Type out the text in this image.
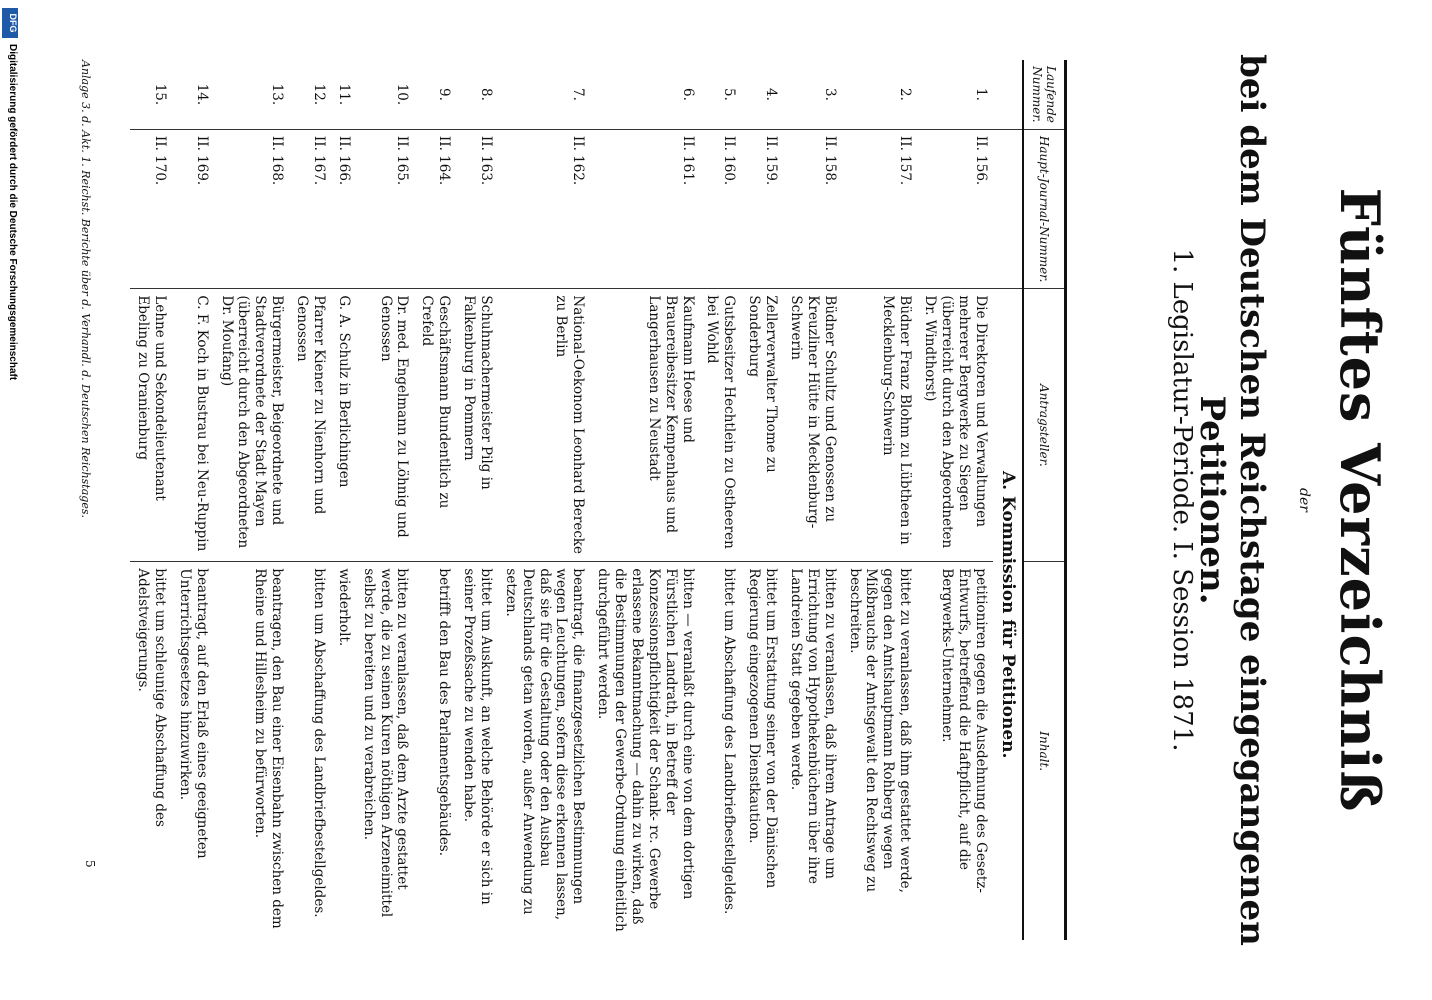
Fünftes Verzeichniß
der
bei dem Deutschen Reichstage eingegangenen Petitionen.
1. Legislatur-Periode. I. Session 1871.
Laufende Nummer.	Haupt-Journal-Nummer.	Antragsteller.	Inhalt.
		A. Kommission für Petitionen.	
1.	II. 156.	Die Direktoren und Verwaltungen mehrerer Bergwerke zu Siegen (überreicht durch den Abgeordneten Dr. Windthorst)	petitioniren gegen die Ausdehnung des Gesetz-Entwurfs, betreffend die Haftpflicht, auf die Bergwerks-Unternehmer.
2.	II. 157.	Büdner Franz Blohm zu Lübtheen in Mecklenburg-Schwerin	bittet zu veranlassen, daß ihm gestattet werde, gegen den Amtshauptmann Rohberg wegen Mißbrauchs der Amtsgewalt den Rechtsweg zu beschreiten.
3.	II. 158.	Büdner Schultz und Genossen zu Kreuzliner Hütte in Mecklenburg-Schwerin	bitten zu veranlassen, daß ihrem Antrage um Errichtung von Hypothekenbüchern über ihre Landreien Statt gegeben werde.
4.	II. 159.	Zellerverwalter Thome zu Sonderburg	bittet um Erstattung seiner von der Dänischen Regierung eingezogenen Dienstkaution.
5.	II. 160.	Gutsbesitzer Hechtlein zu Ostheeren bei Wohld	bittet um Abschaffung des Landbriefbestellgeldes.
6.	II. 161.	Kaufmann Hoese und Brauereibesitzer Kempenhaus und Langerhausen zu Neustadt	bitten — veranlaßt durch eine von dem dortigen Fürstlichen Landrath, in Betreff der Konzessionspflichtigkeit der Schank- rc. Gewerbe erlassene Bekanntmachung — dahin zu wirken, daß die Bestimmungen der Gewerbe-Ordnung einheitlich durchgeführt werden.
7.	II. 162.	National-Oekonom Leonhard Berecke zu Berlin	beantragt, die finanzgesetzlichen Bestimmungen wegen Leuchtungen, sofern diese erkennen lassen, daß sie für die Gestaltung oder den Ausbau Deutschlands getan worden, außer Anwendung zu setzen.
8.	II. 163.	Schuhmachermeister Pilg in Falkenburg in Pommern	bittet um Auskunft, an welche Behörde er sich in seiner Prozeßsache zu wenden habe.
9.	II. 164.	Geschäftsmann Bundentlich zu Crefeld	betrifft den Bau des Parlamentsgebäudes.
10.	II. 165.	Dr. med. Engelmann zu Löhnig und Genossen	bitten zu veranlassen, daß dem Arzte gestattet werde, die zu seinen Kuren nöthigen Arzeneimittel selbst zu bereiten und zu verabreichen.
11.	II. 166.	G. A. Schulz in Berlichingen	wiederholt.
12.	II. 167.	Pfarrer Kiener zu Nienhorn und Genossen	bitten um Abschaffung des Landbriefbestellgeldes.
13.	II. 168.	Bürgermeister, Beigeordnete und Stadtverordnete der Stadt Mayen (überreicht durch den Abgeordneten Dr. Moufang)	beantragen, den Bau einer Eisenbahn zwischen dem Rheine und Hillesheim zu befürworten.
14.	II. 169.	C. F. Koch in Bustrau bei Neu-Ruppin	beantragt, auf den Erlaß eines geeigneten Unterrichtsgesetzes hinzuwirken.
15.	II. 170.	Lehne und Sekondelieutenant Ebeling zu Oranienburg	bittet um schleunige Abschaffung des Adelstveigerungs.
Anlage 3. d. Akt. 1. Reichst. Berichte über d. Verhandl. d. Deutschen Reichstages.
5
DFG
Digitalisierung gefördert durch die Deutsche Forschungsgemeinschaft
